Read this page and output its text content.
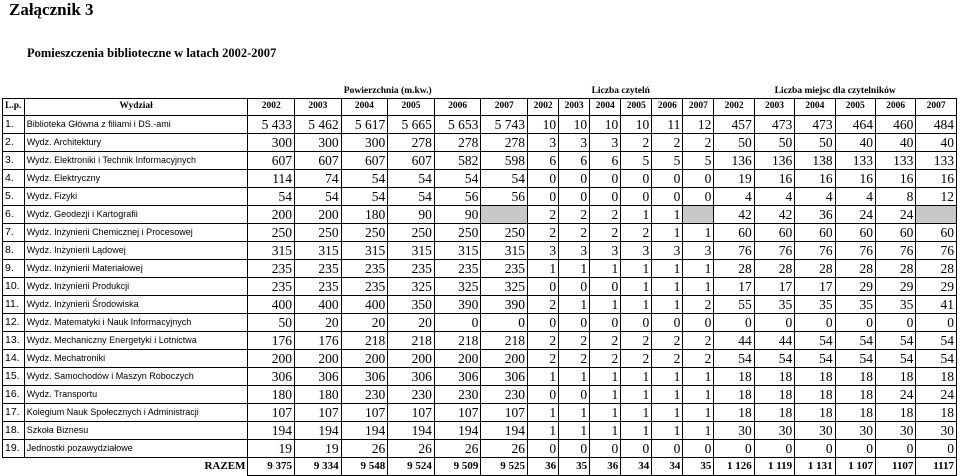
Załącznik 3
Pomieszczenia biblioteczne w latach 2002-2007
		Powierzchnia (m.kw.)						Liczba czytelń						Liczba miejsc dla czytelników					
L.p.	Wydział	2002	2003	2004	2005	2006	2007	2002	2003	2004	2005	2006	2007	2002	2003	2004	2005	2006	2007
1.	Biblioteka Główna z filiami i DS.-ami	5 433	5 462	5 617	5 665	5 653	5 743	10	10	10	10	11	12	457	473	473	464	460	484
2.	Wydz. Architektury	300	300	300	278	278	278	3	3	3	2	2	2	50	50	50	40	40	40
3.	Wydz. Elektroniki i Technik Informacyjnych	607	607	607	607	582	598	6	6	6	5	5	5	136	136	138	133	133	133
4.	Wydz. Elektryczny	114	74	54	54	54	54	0	0	0	0	0	0	19	16	16	16	16	16
5.	Wydz. Fizyki	54	54	54	54	56	56	0	0	0	0	0	0	4	4	4	4	8	12
6.	Wydz. Geodezji i Kartografii	200	200	180	90	90		2	2	2	1	1		42	42	36	24	24	
7.	Wydz. Inżynierii Chemicznej i Procesowej	250	250	250	250	250	250	2	2	2	2	1	1	60	60	60	60	60	60
8.	Wydz. Inżynierii Lądowej	315	315	315	315	315	315	3	3	3	3	3	3	76	76	76	76	76	76
9.	Wydz. Inżynierii Materiałowej	235	235	235	235	235	235	1	1	1	1	1	1	28	28	28	28	28	28
10.	Wydz. Inżynierii Produkcji	235	235	235	325	325	325	0	0	0	1	1	1	17	17	17	29	29	29
11.	Wydz. Inżynierii Środowiska	400	400	400	350	390	390	2	1	1	1	1	2	55	35	35	35	35	41
12.	Wydz. Matematyki i Nauk Informacyjnych	50	20	20	20	0	0	0	0	0	0	0	0	0	0	0	0	0	0
13.	Wydz. Mechaniczny Energetyki i Lotnictwa	176	176	218	218	218	218	2	2	2	2	2	2	44	44	54	54	54	54
14.	Wydz. Mechatroniki	200	200	200	200	200	200	2	2	2	2	2	2	54	54	54	54	54	54
15.	Wydz. Samochodów i Maszyn Roboczych	306	306	306	306	306	306	1	1	1	1	1	1	18	18	18	18	18	18
16.	Wydz. Transportu	180	180	230	230	230	230	0	0	1	1	1	1	18	18	18	18	24	24
17.	Kolegium Nauk Społecznych i Administracji	107	107	107	107	107	107	1	1	1	1	1	1	18	18	18	18	18	18
18.	Szkoła Biznesu	194	194	194	194	194	194	1	1	1	1	1	1	30	30	30	30	30	30
19.	Jednostki pozawydziałowe	19	19	26	26	26	26	0	0	0	0	0	0	0	0	0	0	0	0
	RAZEM	9 375	9 334	9 548	9 524	9 509	9 525	36	35	36	34	34	35	1 126	1 119	1 131	1 107	1107	1117
